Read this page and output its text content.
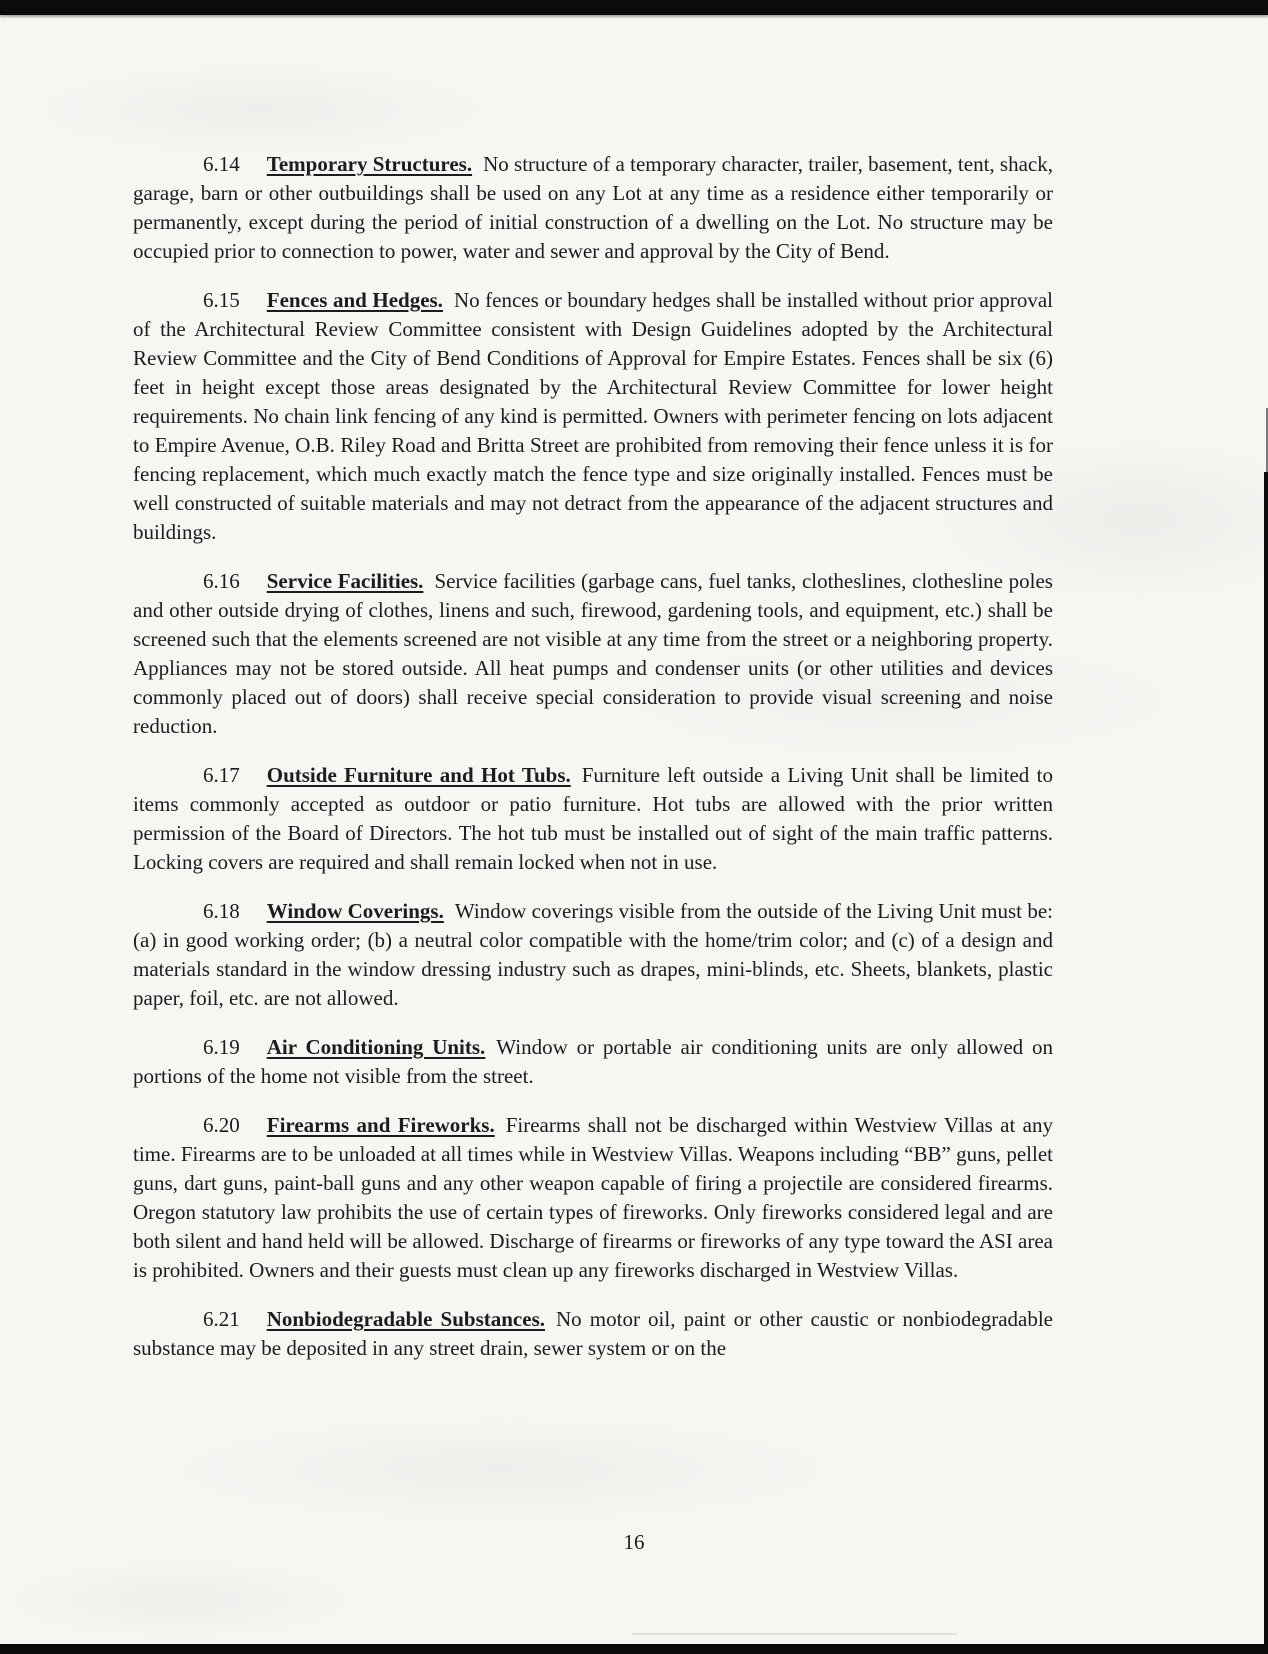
6.14 Temporary Structures. No structure of a temporary character, trailer, basement, tent, shack, garage, barn or other outbuildings shall be used on any Lot at any time as a residence either temporarily or permanently, except during the period of initial construction of a dwelling on the Lot. No structure may be occupied prior to connection to power, water and sewer and approval by the City of Bend.

6.15 Fences and Hedges. No fences or boundary hedges shall be installed without prior approval of the Architectural Review Committee consistent with Design Guidelines adopted by the Architectural Review Committee and the City of Bend Conditions of Approval for Empire Estates. Fences shall be six (6) feet in height except those areas designated by the Architectural Review Committee for lower height requirements. No chain link fencing of any kind is permitted. Owners with perimeter fencing on lots adjacent to Empire Avenue, O.B. Riley Road and Britta Street are prohibited from removing their fence unless it is for fencing replacement, which much exactly match the fence type and size originally installed. Fences must be well constructed of suitable materials and may not detract from the appearance of the adjacent structures and buildings.

6.16 Service Facilities. Service facilities (garbage cans, fuel tanks, clotheslines, clothesline poles and other outside drying of clothes, linens and such, firewood, gardening tools, and equipment, etc.) shall be screened such that the elements screened are not visible at any time from the street or a neighboring property. Appliances may not be stored outside. All heat pumps and condenser units (or other utilities and devices commonly placed out of doors) shall receive special consideration to provide visual screening and noise reduction.

6.17 Outside Furniture and Hot Tubs. Furniture left outside a Living Unit shall be limited to items commonly accepted as outdoor or patio furniture. Hot tubs are allowed with the prior written permission of the Board of Directors. The hot tub must be installed out of sight of the main traffic patterns. Locking covers are required and shall remain locked when not in use.

6.18 Window Coverings. Window coverings visible from the outside of the Living Unit must be: (a) in good working order; (b) a neutral color compatible with the home/trim color; and (c) of a design and materials standard in the window dressing industry such as drapes, mini-blinds, etc. Sheets, blankets, plastic paper, foil, etc. are not allowed.

6.19 Air Conditioning Units. Window or portable air conditioning units are only allowed on portions of the home not visible from the street.

6.20 Firearms and Fireworks. Firearms shall not be discharged within Westview Villas at any time. Firearms are to be unloaded at all times while in Westview Villas. Weapons including “BB” guns, pellet guns, dart guns, paint-ball guns and any other weapon capable of firing a projectile are considered firearms. Oregon statutory law prohibits the use of certain types of fireworks. Only fireworks considered legal and are both silent and hand held will be allowed. Discharge of firearms or fireworks of any type toward the ASI area is prohibited. Owners and their guests must clean up any fireworks discharged in Westview Villas.

6.21 Nonbiodegradable Substances. No motor oil, paint or other caustic or nonbiodegradable substance may be deposited in any street drain, sewer system or on the

16
